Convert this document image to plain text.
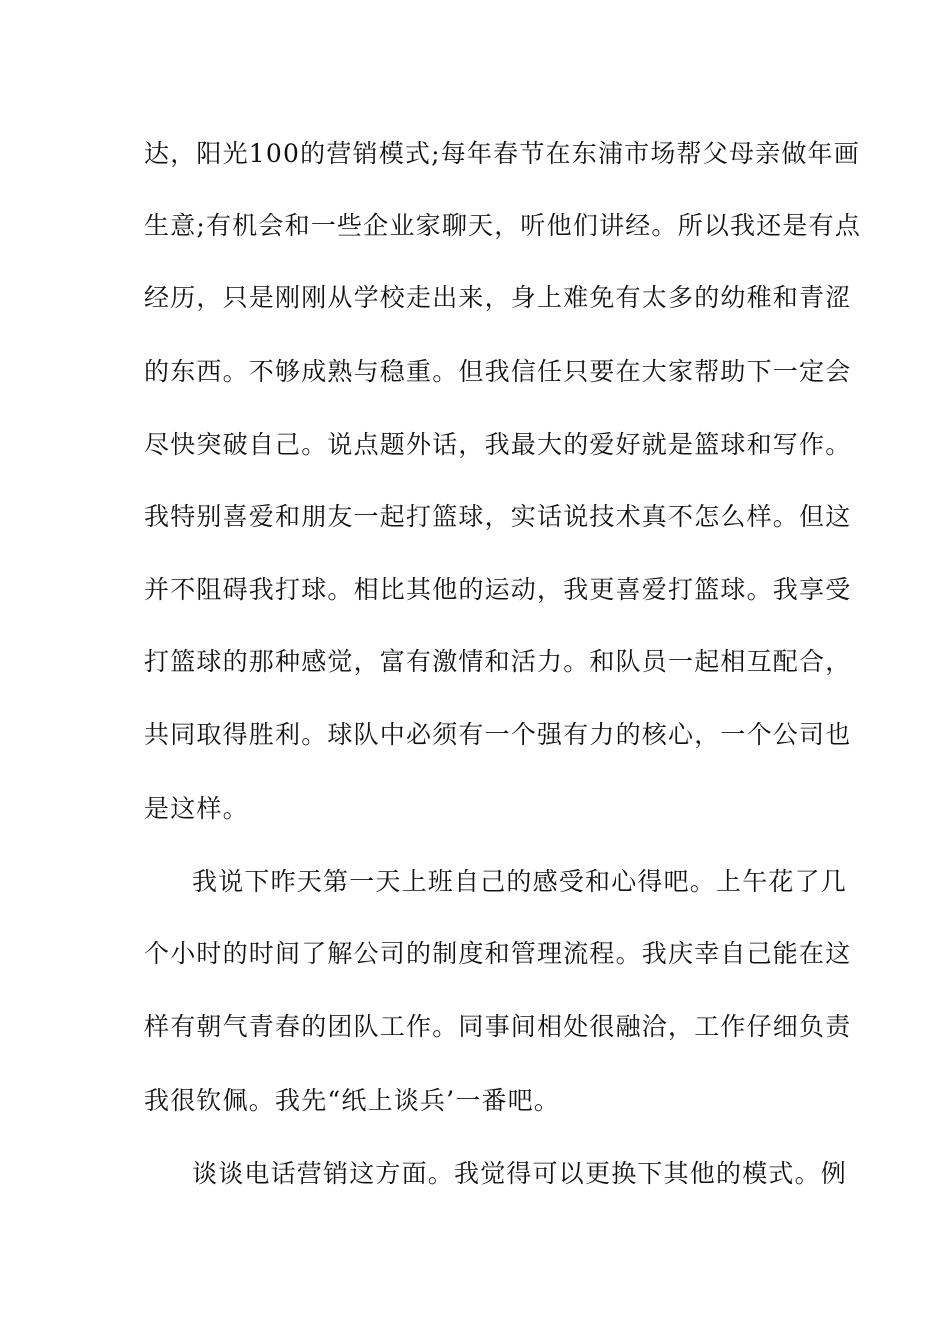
达，阳光100的营销模式;每年春节在东浦市场帮父母亲做年画
生意;有机会和一些企业家聊天，听他们讲经。所以我还是有点
经历，只是刚刚从学校走出来，身上难免有太多的幼稚和青涩
的东西。不够成熟与稳重。但我信任只要在大家帮助下一定会
尽快突破自己。说点题外话，我最大的爱好就是篮球和写作。
我特别喜爱和朋友一起打篮球，实话说技术真不怎么样。但这
并不阻碍我打球。相比其他的运动，我更喜爱打篮球。我享受
打篮球的那种感觉，富有激情和活力。和队员一起相互配合，
共同取得胜利。球队中必须有一个强有力的核心，一个公司也
是这样。
我说下昨天第一天上班自己的感受和心得吧。上午花了几
个小时的时间了解公司的制度和管理流程。我庆幸自己能在这
样有朝气青春的团队工作。同事间相处很融洽，工作仔细负责
我很钦佩。我先“纸上谈兵’一番吧。
谈谈电话营销这方面。我觉得可以更换下其他的模式。例
